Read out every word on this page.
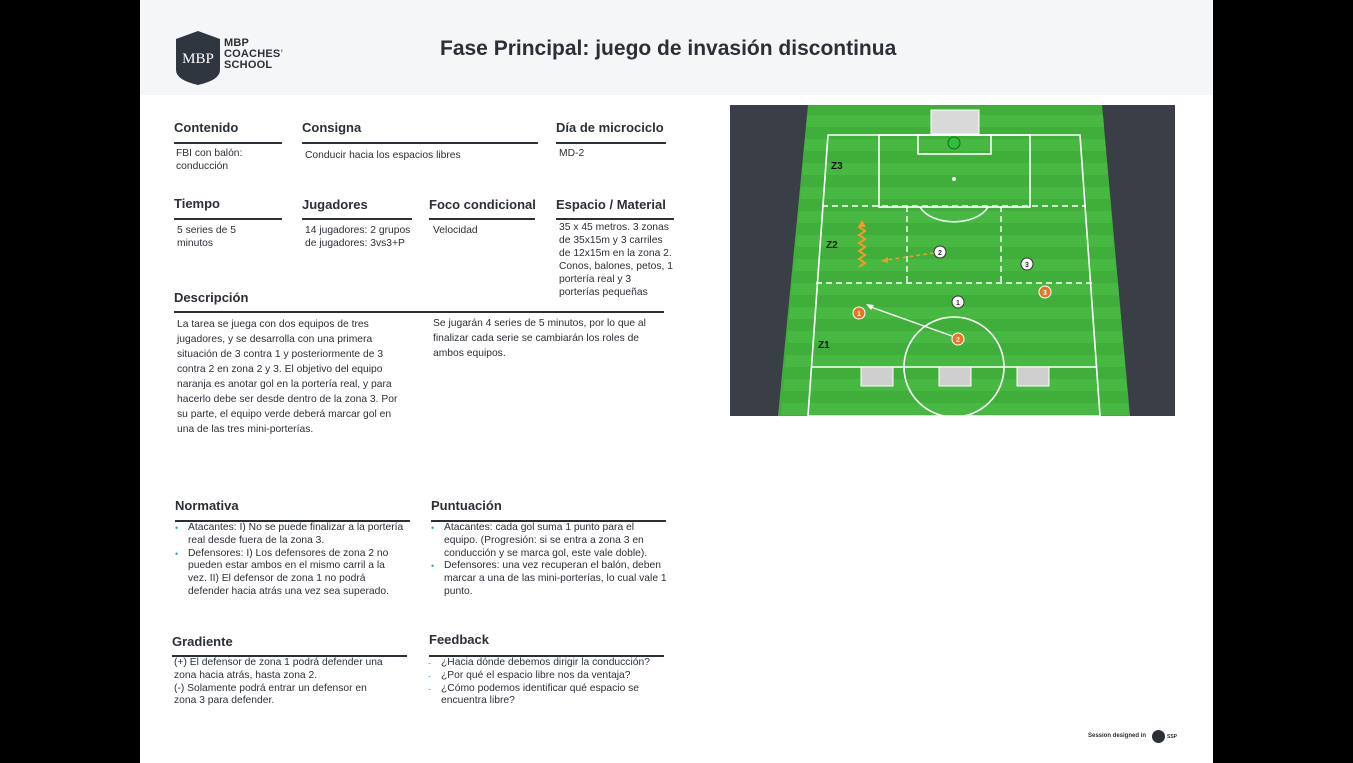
MBP
MBP
COACHES'
SCHOOL
Fase Principal: juego de invasión discontinua
Contenido
FBI con balón:
conducción
Consigna
Conducir hacia los espacios libres
Día de microciclo
MD-2
Tiempo
5 series de 5
minutos
Jugadores
14 jugadores: 2 grupos
de jugadores: 3vs3+P
Foco condicional
Velocidad
Espacio / Material
35 x 45 metros. 3 zonas
de 35x15m y 3 carriles
de 12x15m en la zona 2.
Conos, balones, petos, 1
portería real y 3
porterías pequeñas
Descripción
La tarea se juega con dos equipos de tres jugadores, y se desarrolla con una primera situación de 3 contra 1 y posteriormente de 3 contra 2 en zona 2 y 3. El objetivo del equipo naranja es anotar gol en la portería real, y para hacerlo debe ser desde dentro de la zona 3. Por su parte, el equipo verde deberá marcar gol en una de las tres mini-porterías.
Se jugarán 4 series de 5 minutos, por lo que al finalizar cada serie se cambiarán los roles de ambos equipos.
Normativa
• Atacantes: I) No se puede finalizar a la portería real desde fuera de la zona 3.
• Defensores: I) Los defensores de zona 2 no pueden estar ambos en el mismo carril a la vez. II) El defensor de zona 1 no podrá defender hacia atrás una vez sea superado.
Puntuación
• Atacantes: cada gol suma 1 punto para el equipo. (Progresión: si se entra a zona 3 en conducción y se marca gol, este vale doble).
• Defensores: una vez recuperan el balón, deben marcar a una de las mini-porterías, lo cual vale 1 punto.
Gradiente
(+) El defensor de zona 1 podrá defender una
zona hacia atrás, hasta zona 2.
(-) Solamente podrá entrar un defensor en
zona 3 para defender.
Feedback
- ¿Hacia dónde debemos dirigir la conducción?
- ¿Por qué el espacio libre nos da ventaja?
- ¿Cómo podemos identificar qué espacio se encuentra libre?
Z3
Z2
Z1
1
2
3
1
2
3
Session designed in	SSP
